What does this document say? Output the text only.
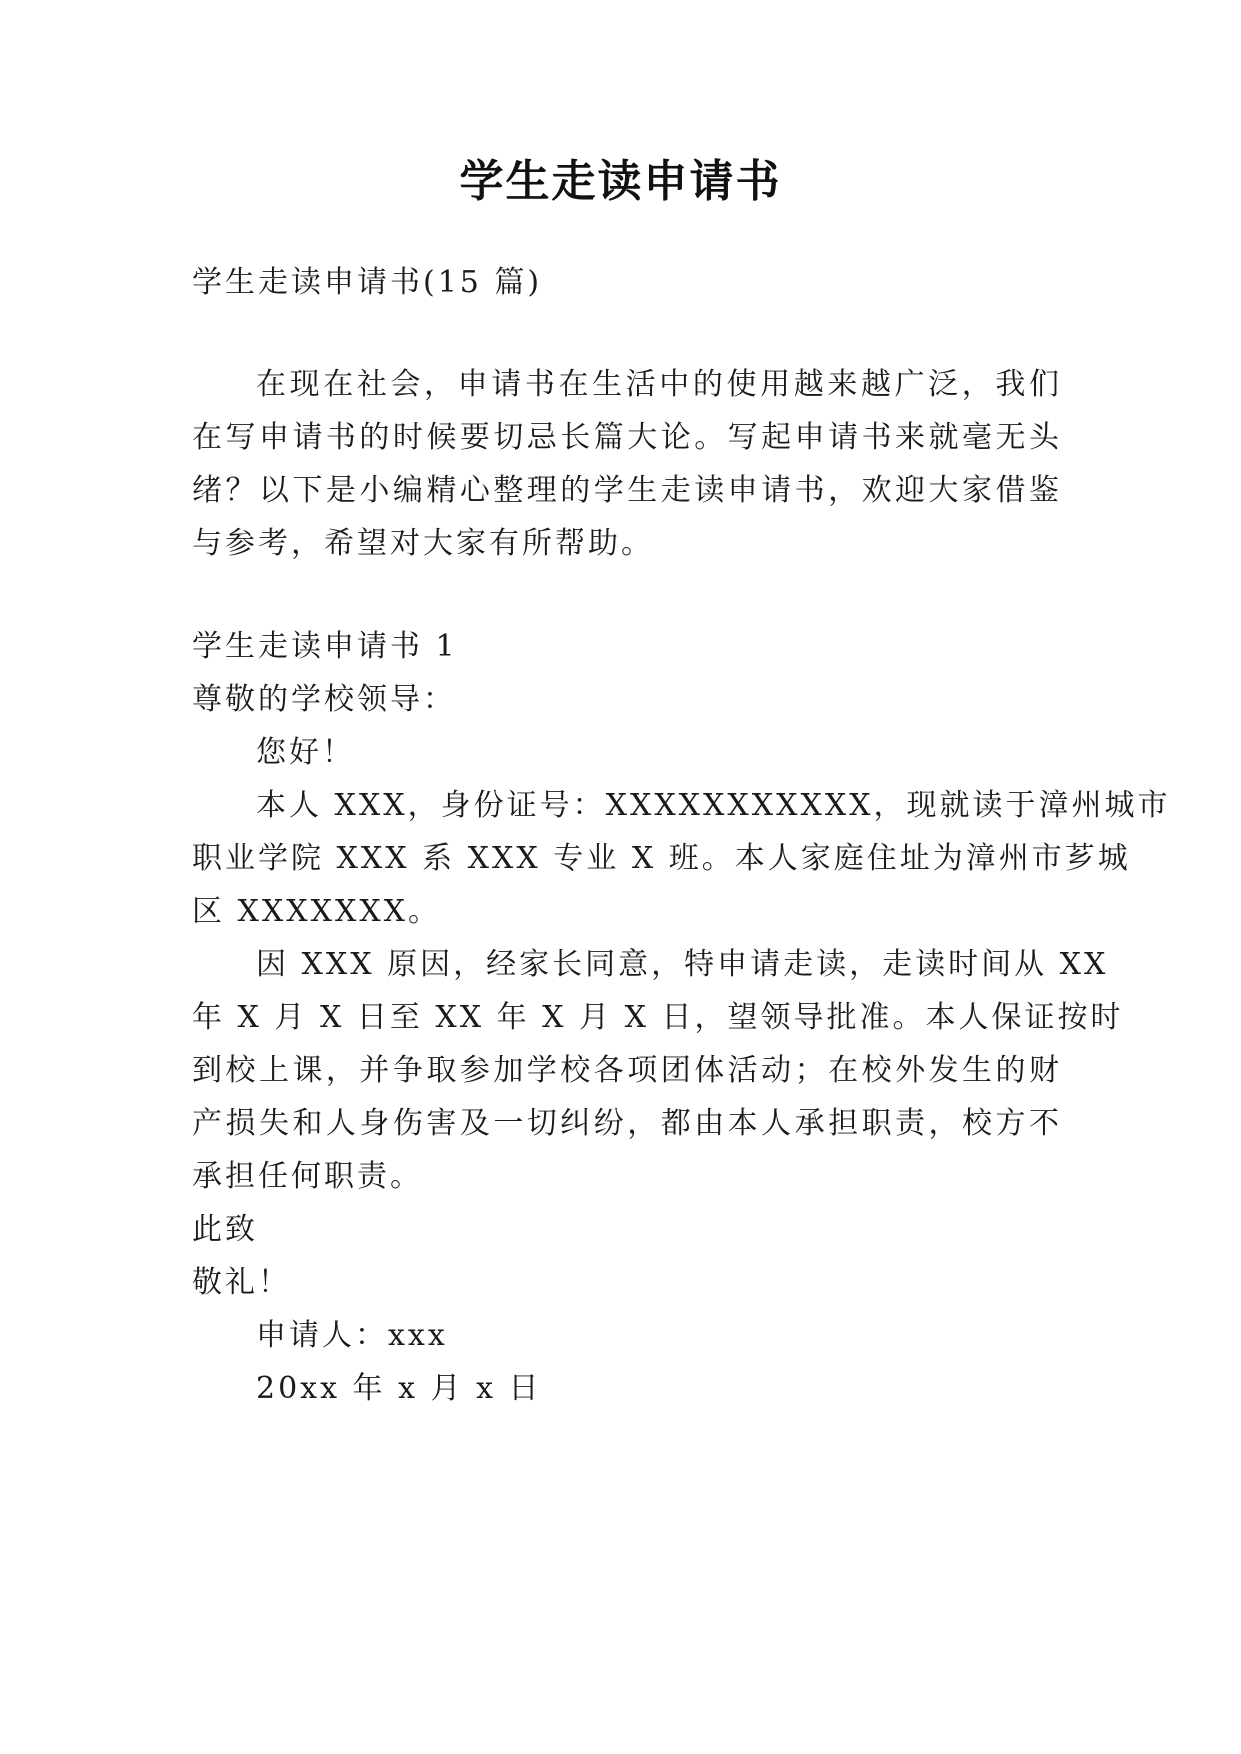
学生走读申请书
学生走读申请书(15 篇)
在现在社会，申请书在生活中的使用越来越广泛，我们
在写申请书的时候要切忌长篇大论。写起申请书来就毫无头
绪？以下是小编精心整理的学生走读申请书，欢迎大家借鉴
与参考，希望对大家有所帮助。
学生走读申请书 1
尊敬的学校领导：
您好！
本人 XXX，身份证号：XXXXXXXXXXX，现就读于漳州城市
职业学院 XXX 系 XXX 专业 X 班。本人家庭住址为漳州市芗城
区 XXXXXXX。
因 XXX 原因，经家长同意，特申请走读，走读时间从 XX
年 X 月 X 日至 XX 年 X 月 X 日，望领导批准。本人保证按时
到校上课，并争取参加学校各项团体活动；在校外发生的财
产损失和人身伤害及一切纠纷，都由本人承担职责，校方不
承担任何职责。
此致
敬礼！
申请人：xxx
20xx 年 x 月 x 日
